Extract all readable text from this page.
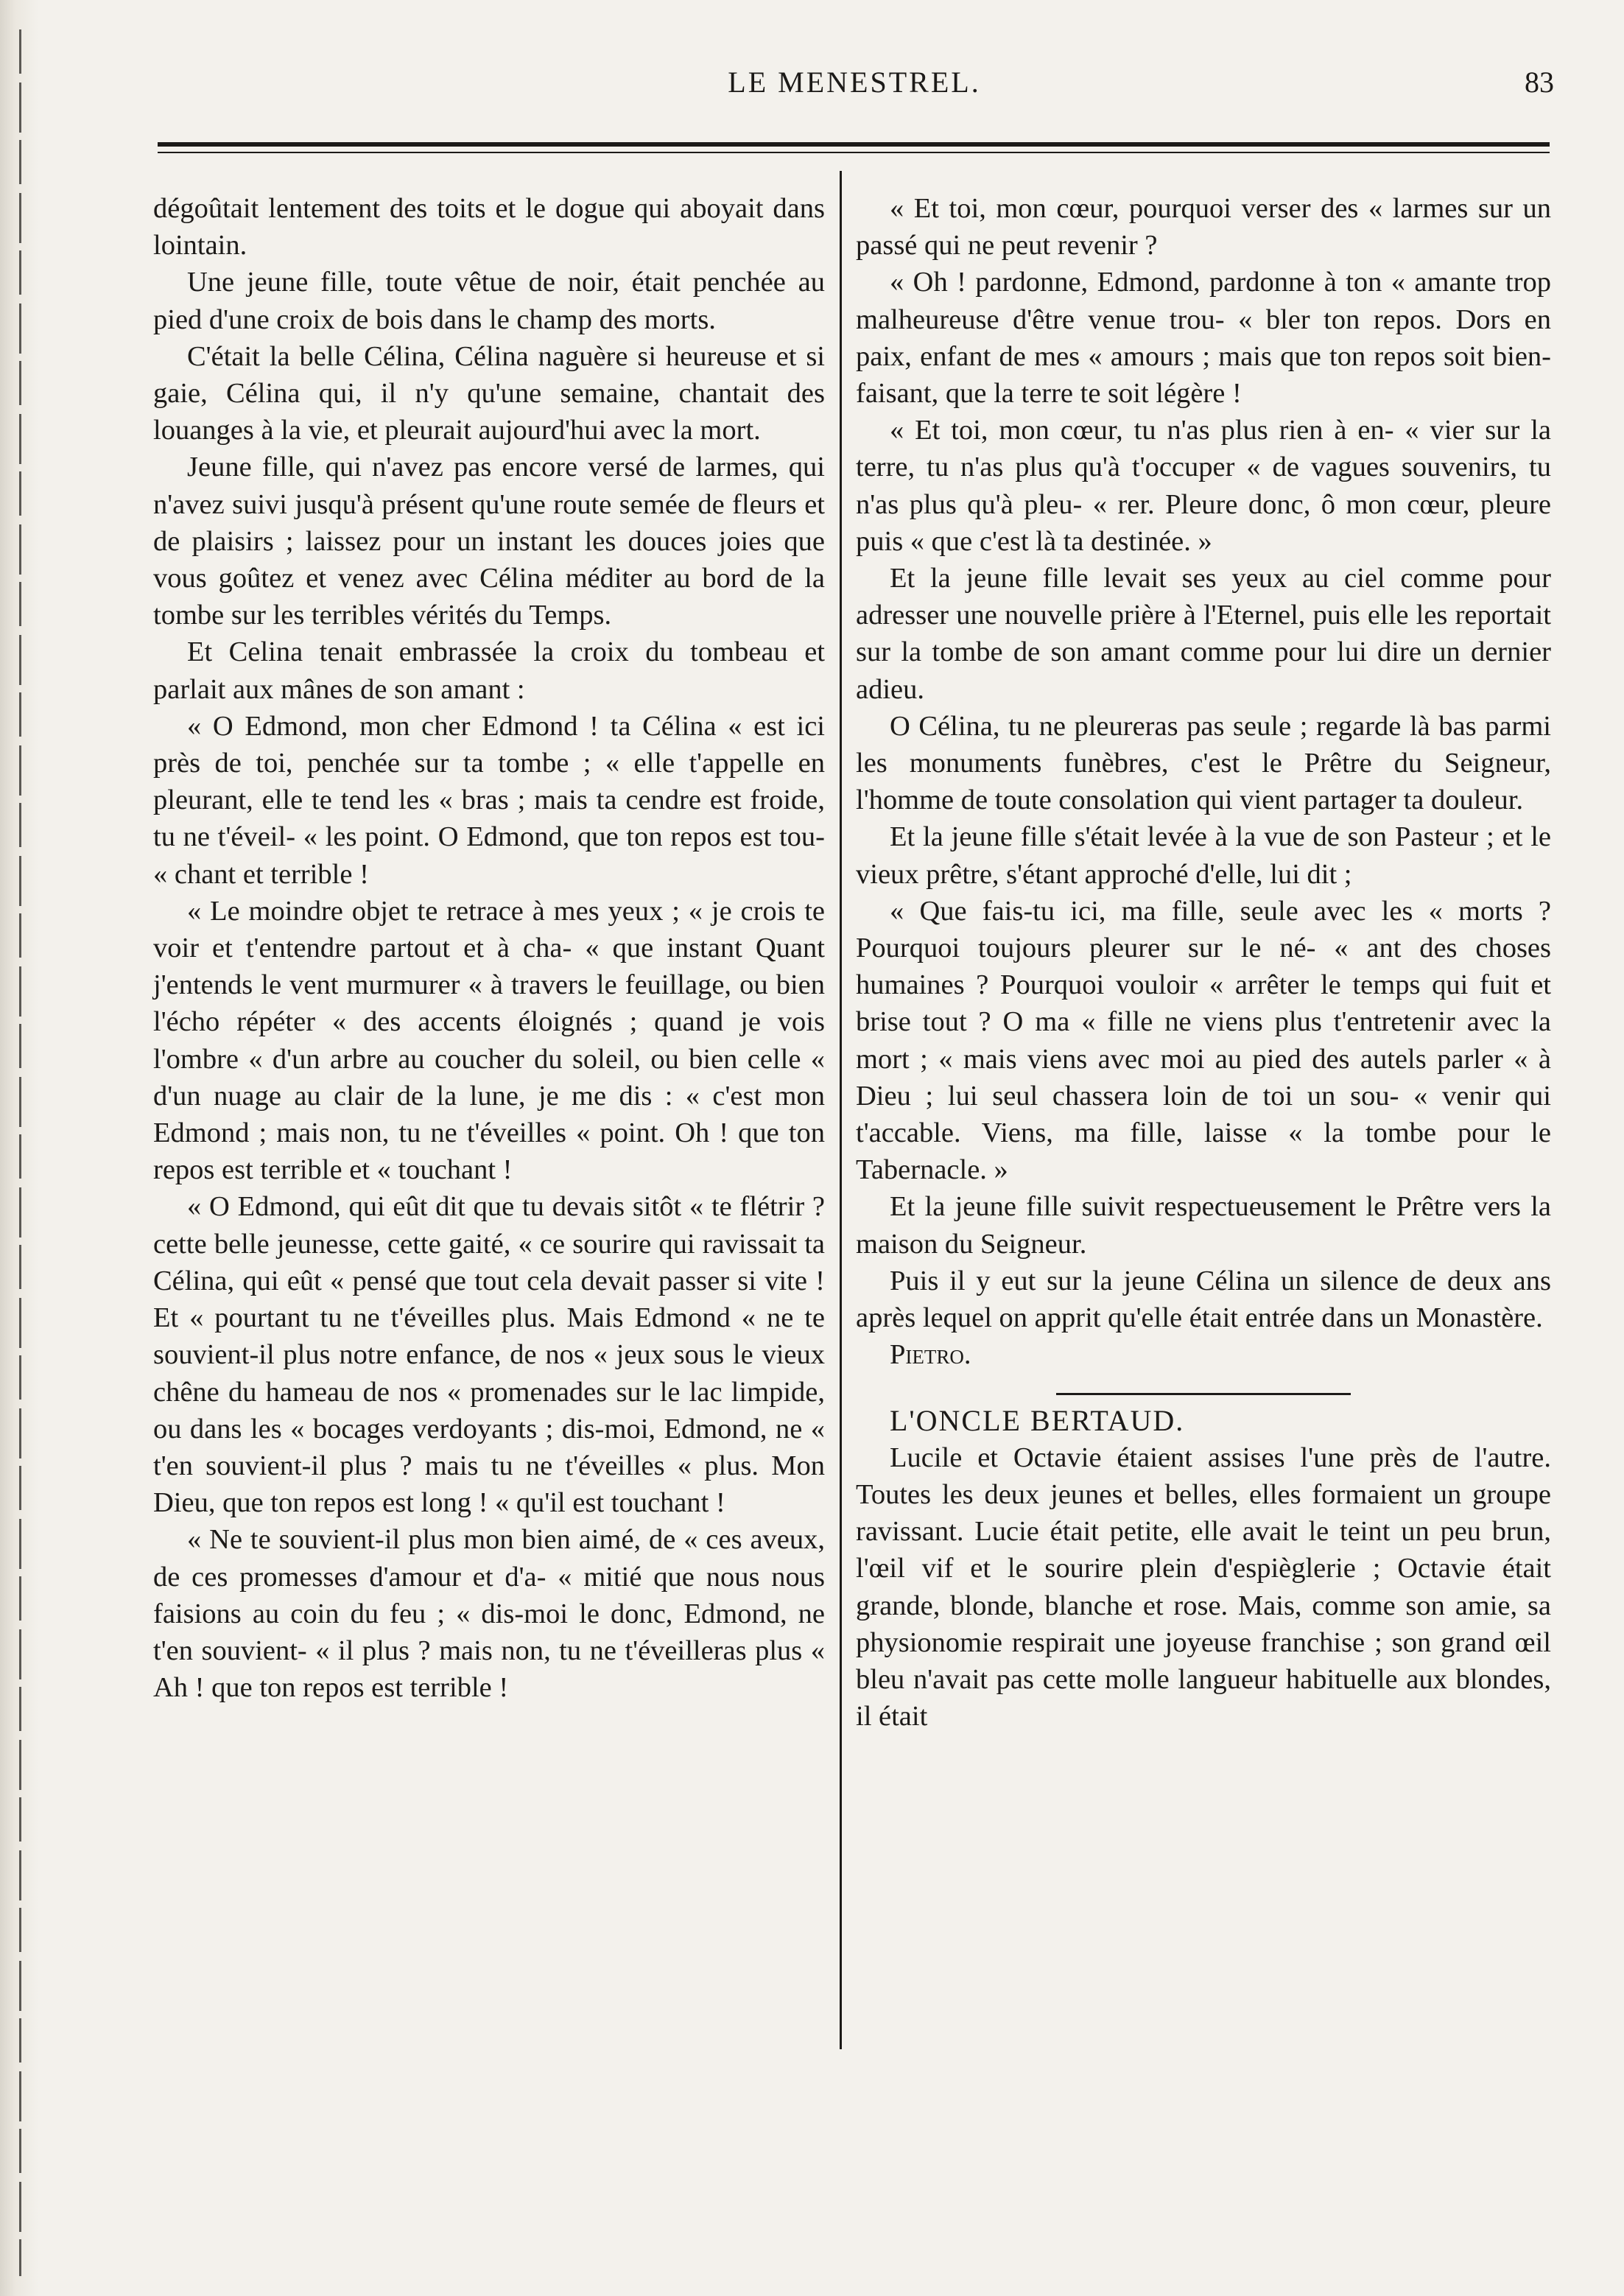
LE MENESTREL.	83

dégoûtait lentement des toits et le dogue qui aboyait dans lointain.

Une jeune fille, toute vêtue de noir, était penchée au pied d'une croix de bois dans le champ des morts.

C'était la belle Célina, Célina naguère si heureuse et si gaie, Célina qui, il n'y qu'une semaine, chantait des louanges à la vie, et pleurait aujourd'hui avec la mort.

Jeune fille, qui n'avez pas encore versé de larmes, qui n'avez suivi jusqu'à présent qu'une route semée de fleurs et de plaisirs ; laissez pour un instant les douces joies que vous goûtez et venez avec Célina méditer au bord de la tombe sur les terribles vérités du Temps.

Et Celina tenait embrassée la croix du tombeau et parlait aux mânes de son amant :

« O Edmond, mon cher Edmond ! ta Célina « est ici près de toi, penchée sur ta tombe ; « elle t'appelle en pleurant, elle te tend les « bras ; mais ta cendre est froide, tu ne t'éveil- « les point. O Edmond, que ton repos est tou- « chant et terrible !

« Le moindre objet te retrace à mes yeux ; « je crois te voir et t'entendre partout et à cha- « que instant Quant j'entends le vent murmurer « à travers le feuillage, ou bien l'écho répéter « des accents éloignés ; quand je vois l'ombre « d'un arbre au coucher du soleil, ou bien celle « d'un nuage au clair de la lune, je me dis : « c'est mon Edmond ; mais non, tu ne t'éveilles « point. Oh ! que ton repos est terrible et « touchant !

« O Edmond, qui eût dit que tu devais sitôt « te flétrir ? cette belle jeunesse, cette gaité, « ce sourire qui ravissait ta Célina, qui eût « pensé que tout cela devait passer si vite ! Et « pourtant tu ne t'éveilles plus. Mais Edmond « ne te souvient-il plus notre enfance, de nos « jeux sous le vieux chêne du hameau de nos « promenades sur le lac limpide, ou dans les « bocages verdoyants ; dis-moi, Edmond, ne « t'en souvient-il plus ? mais tu ne t'éveilles « plus. Mon Dieu, que ton repos est long ! « qu'il est touchant !

« Ne te souvient-il plus mon bien aimé, de « ces aveux, de ces promesses d'amour et d'a- « mitié que nous nous faisions au coin du feu ; « dis-moi le donc, Edmond, ne t'en souvient- « il plus ? mais non, tu ne t'éveilleras plus « Ah ! que ton repos est terrible !

« Et toi, mon cœur, pourquoi verser des « larmes sur un passé qui ne peut revenir ?

« Oh ! pardonne, Edmond, pardonne à ton « amante trop malheureuse d'être venue trou- « bler ton repos. Dors en paix, enfant de mes « amours ; mais que ton repos soit bien- faisant, que la terre te soit légère !

« Et toi, mon cœur, tu n'as plus rien à en- « vier sur la terre, tu n'as plus qu'à t'occuper « de vagues souvenirs, tu n'as plus qu'à pleu- « rer. Pleure donc, ô mon cœur, pleure puis « que c'est là ta destinée. »

Et la jeune fille levait ses yeux au ciel comme pour adresser une nouvelle prière à l'Eternel, puis elle les reportait sur la tombe de son amant comme pour lui dire un dernier adieu.

O Célina, tu ne pleureras pas seule ; regarde là bas parmi les monuments funèbres, c'est le Prêtre du Seigneur, l'homme de toute consolation qui vient partager ta douleur.

Et la jeune fille s'était levée à la vue de son Pasteur ; et le vieux prêtre, s'étant approché d'elle, lui dit ;

« Que fais-tu ici, ma fille, seule avec les « morts ? Pourquoi toujours pleurer sur le né- « ant des choses humaines ? Pourquoi vouloir « arrêter le temps qui fuit et brise tout ? O ma « fille ne viens plus t'entretenir avec la mort ; « mais viens avec moi au pied des autels parler « à Dieu ; lui seul chassera loin de toi un sou- « venir qui t'accable. Viens, ma fille, laisse « la tombe pour le Tabernacle. »

Et la jeune fille suivit respectueusement le Prêtre vers la maison du Seigneur.

Puis il y eut sur la jeune Célina un silence de deux ans après lequel on apprit qu'elle était entrée dans un Monastère.

Pietro.

L'ONCLE BERTAUD.

Lucile et Octavie étaient assises l'une près de l'autre. Toutes les deux jeunes et belles, elles formaient un groupe ravissant. Lucie était petite, elle avait le teint un peu brun, l'œil vif et le sourire plein d'espièglerie ; Octavie était grande, blonde, blanche et rose. Mais, comme son amie, sa physionomie respirait une joyeuse franchise ; son grand œil bleu n'avait pas cette molle langueur habituelle aux blondes, il était
